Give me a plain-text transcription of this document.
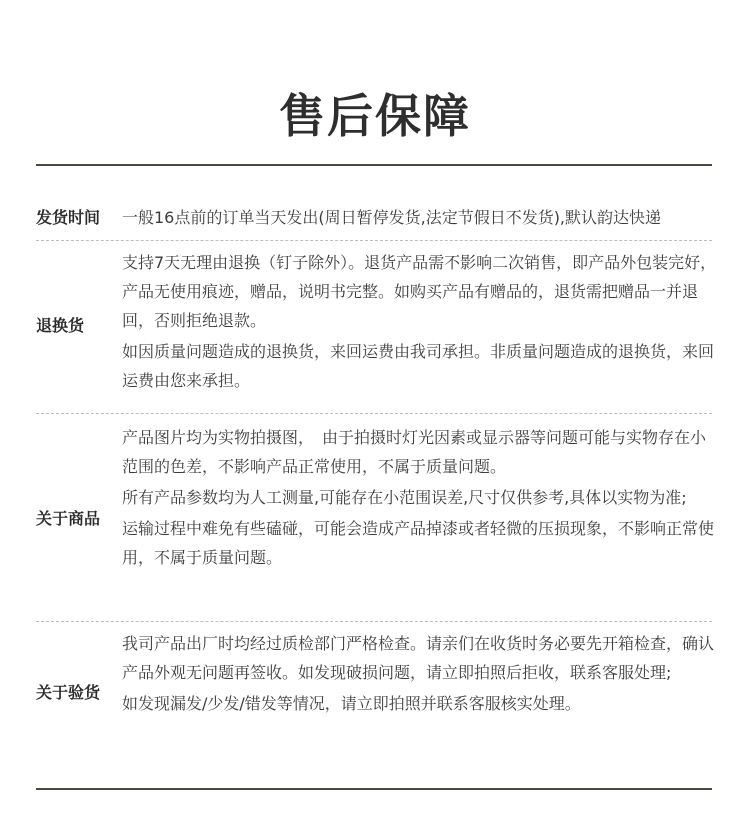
售后保障
发货时间 一般16点前的订单当天发出(周日暂停发货,法定节假日不发货),默认韵达快递

退换货

支持7天无理由退换（钉子除外）。退货产品需不影响二次销售，即产品外包装完好，产品无使用痕迹，赠品，说明书完整。如购买产品有赠品的，退货需把赠品一并退回，否则拒绝退款。

如因质量问题造成的退换货，来回运费由我司承担。非质量问题造成的退换货，来回运费由您来承担。

关于商品

产品图片均为实物拍摄图，　由于拍摄时灯光因素或显示器等问题可能与实物存在小范围的色差，不影响产品正常使用，不属于质量问题。

所有产品参数均为人工测量,可能存在小范围误差,尺寸仅供参考,具体以实物为准;

运输过程中难免有些磕碰，可能会造成产品掉漆或者轻微的压损现象，不影响正常使用，不属于质量问题。

关于验货

我司产品出厂时均经过质检部门严格检查。请亲们在收货时务必要先开箱检查，确认产品外观无问题再签收。如发现破损问题，请立即拍照后拒收，联系客服处理;

如发现漏发/少发/错发等情况，请立即拍照并联系客服核实处理。
